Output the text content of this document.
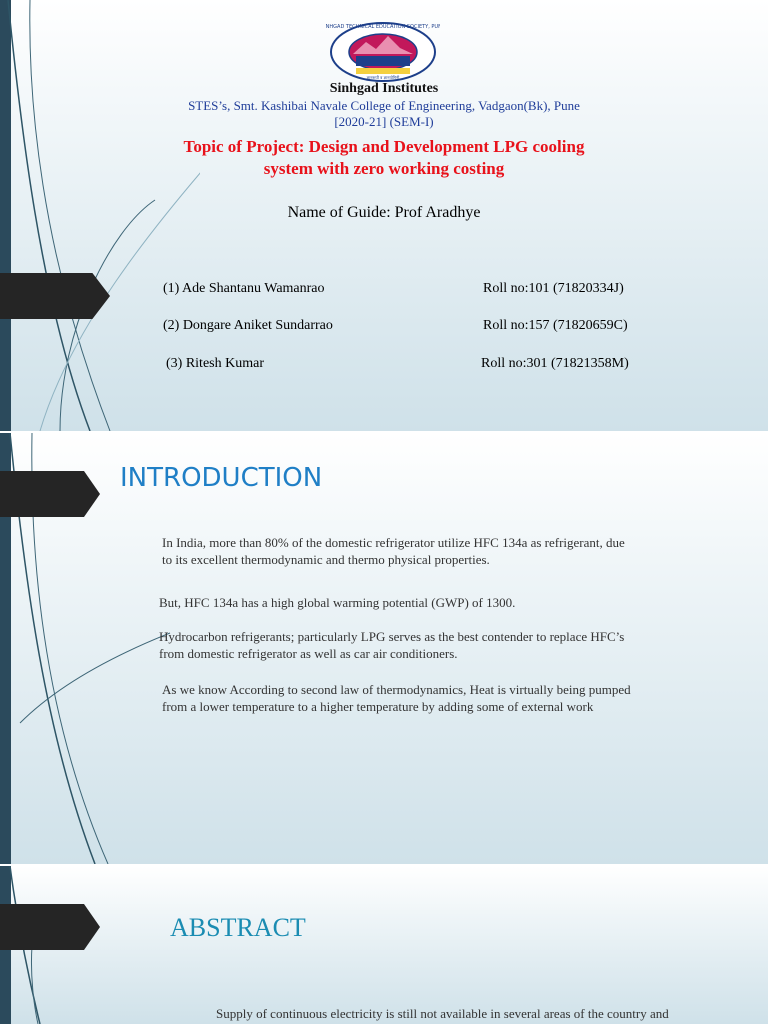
SINHGAD TECHNICAL EDUCATION SOCIETY, PUNE
ज्ञानरूपी व ज्ञानयोगिनी
Sinhgad Institutes
STES’s, Smt. Kashibai Navale College of Engineering, Vadgaon(Bk), Pune
[2020-21] (SEM-I)
Topic of Project: Design and Development LPG cooling
system with zero working costing
Name of Guide: Prof Aradhye
(1) Ade Shantanu Wamanrao	Roll no:101 (71820334J)
(2) Dongare Aniket Sundarrao	Roll no:157 (71820659C)
(3) Ritesh Kumar	Roll no:301 (71821358M)
INTRODUCTION
In India, more than 80% of the domestic refrigerator utilize HFC 134a as refrigerant, due
to its excellent thermodynamic and thermo physical properties.
But, HFC 134a has a high global warming potential (GWP) of 1300.
Hydrocarbon refrigerants; particularly LPG serves as the best contender to replace HFC’s
from domestic refrigerator as well as car air conditioners.
As we know According to second law of thermodynamics, Heat is virtually being pumped
from a lower temperature to a higher temperature by adding some of external work
ABSTRACT
Supply of continuous electricity is still not available in several areas of the country and
